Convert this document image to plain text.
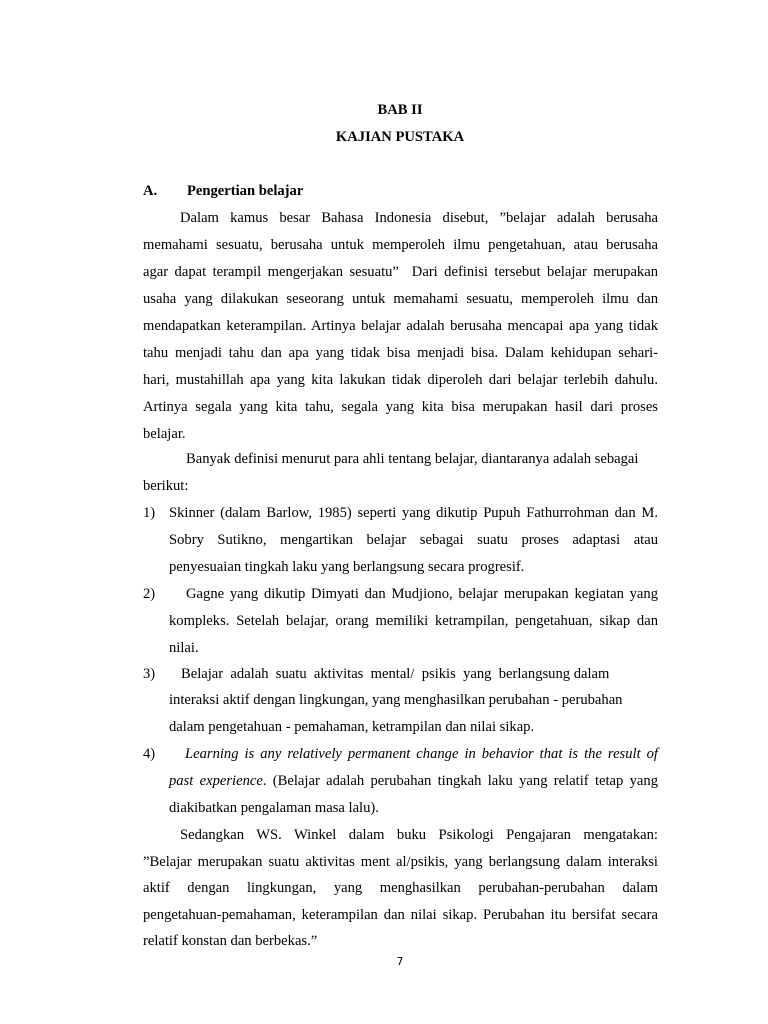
BAB II
KAJIAN PUSTAKA
A. Pengertian belajar
Dalam kamus besar Bahasa Indonesia disebut, ”belajar adalah berusaha
memahami sesuatu, berusaha untuk memperoleh ilmu pengetahuan, atau berusaha
agar dapat terampil mengerjakan sesuatu”  Dari definisi tersebut belajar merupakan
usaha yang dilakukan seseorang untuk memahami sesuatu, memperoleh ilmu dan
mendapatkan keterampilan. Artinya belajar adalah berusaha mencapai apa yang tidak
tahu menjadi tahu dan apa yang tidak bisa menjadi bisa. Dalam kehidupan sehari-
hari, mustahillah apa yang kita lakukan tidak diperoleh dari belajar terlebih dahulu.
Artinya segala yang kita tahu, segala yang kita bisa merupakan hasil dari proses
belajar.
Banyak definisi menurut para ahli tentang belajar, diantaranya adalah sebagai
berikut:
1) Skinner (dalam Barlow, 1985) seperti yang dikutip Pupuh Fathurrohman dan M.
Sobry Sutikno, mengartikan belajar sebagai suatu proses adaptasi atau
penyesuaian tingkah laku yang berlangsung secara progresif.
2) Gagne yang dikutip Dimyati dan Mudjiono, belajar merupakan kegiatan yang
kompleks. Setelah belajar, orang memiliki ketrampilan, pengetahuan, sikap dan
nilai.
3) Belajar  adalah  suatu  aktivitas  mental/  psikis  yang  berlangsung dalam
interaksi aktif dengan lingkungan, yang menghasilkan perubahan - perubahan
dalam pengetahuan - pemahaman, ketrampilan dan nilai sikap.
4) Learning is any relatively permanent change in behavior that is the result of
past experience. (Belajar adalah perubahan tingkah laku yang relatif tetap yang
diakibatkan pengalaman masa lalu).
Sedangkan WS. Winkel dalam buku Psikologi Pengajaran mengatakan:
”Belajar merupakan suatu aktivitas ment al/psikis, yang berlangsung dalam interaksi
aktif dengan lingkungan, yang menghasilkan perubahan-perubahan dalam
pengetahuan-pemahaman, keterampilan dan nilai sikap. Perubahan itu bersifat secara
relatif konstan dan berbekas.”
7
